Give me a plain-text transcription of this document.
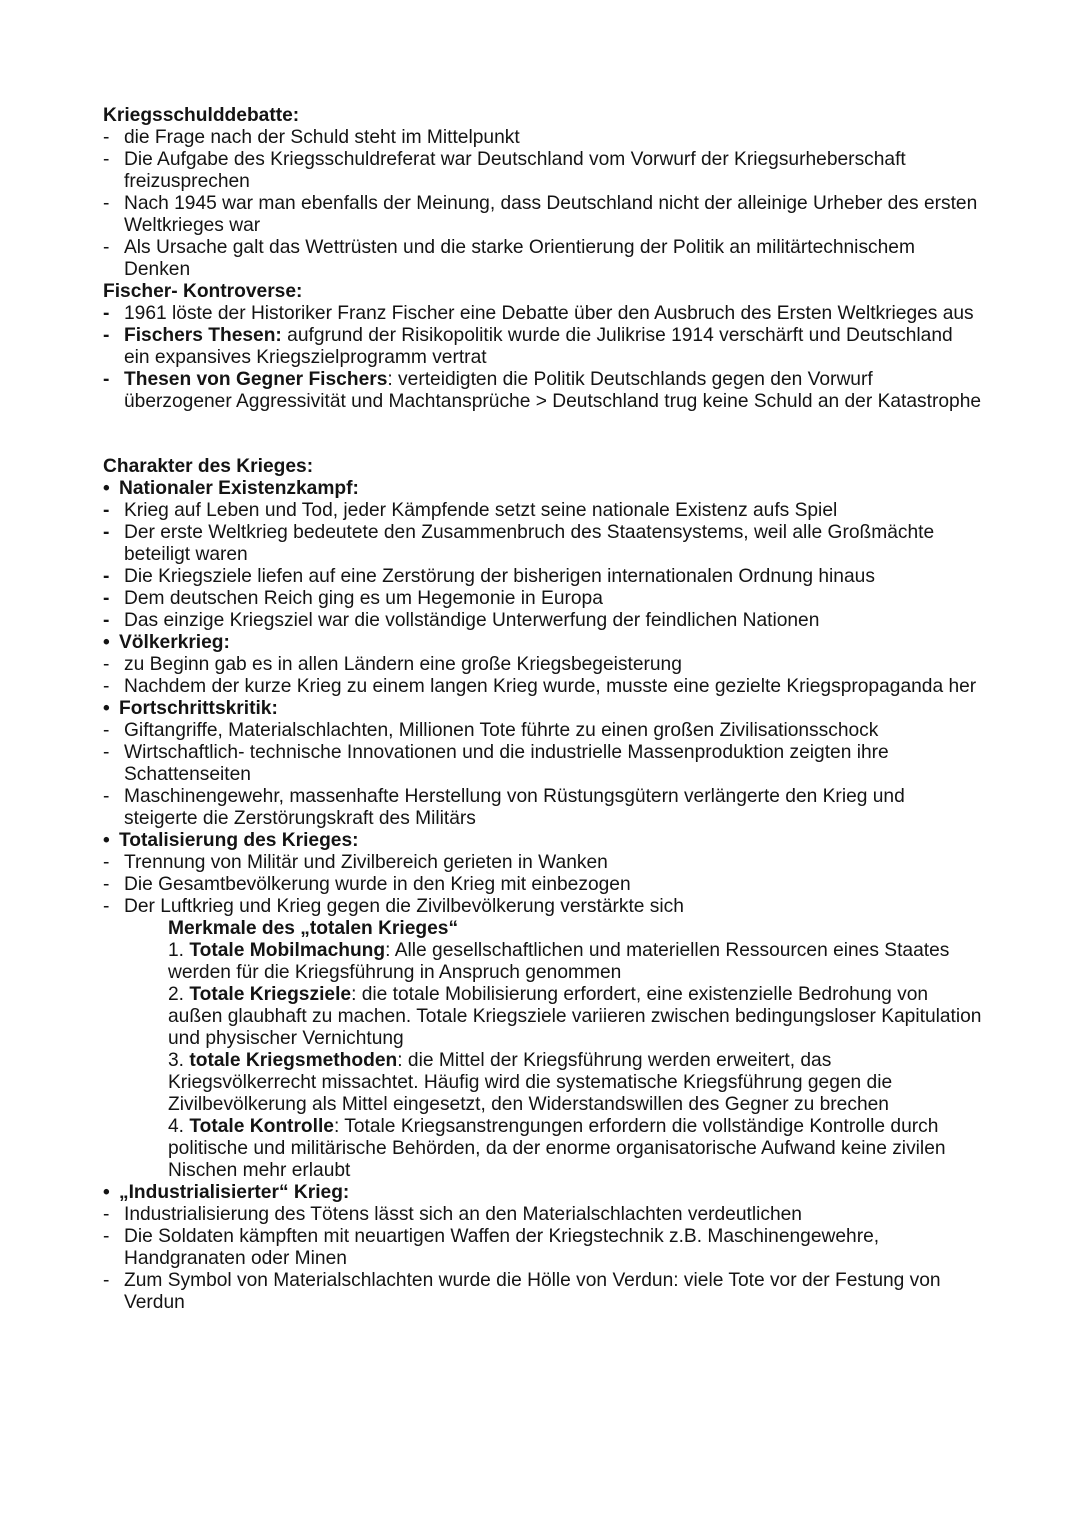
Kriegsschulddebatte:
-
die Frage nach der Schuld steht im Mittelpunkt
-
Die Aufgabe des Kriegsschuldreferat war Deutschland vom Vorwurf der Kriegsurheberschaft freizusprechen
-
Nach 1945 war man ebenfalls der Meinung, dass Deutschland nicht der alleinige Urheber des ersten Weltkrieges war
-
Als Ursache galt das Wettrüsten und die starke Orientierung der Politik an militärtechnischem Denken
Fischer- Kontroverse:
-
1961 löste der Historiker Franz Fischer eine Debatte über den Ausbruch des Ersten Weltkrieges aus
-
Fischers Thesen: aufgrund der Risikopolitik wurde die Julikrise 1914 verschärft und Deutschland ein expansives Kriegszielprogramm vertrat
-
Thesen von Gegner Fischers: verteidigten die Politik Deutschlands gegen den Vorwurf überzogener Aggressivität und Machtansprüche > Deutschland trug keine Schuld an der Katastrophe
Charakter des Krieges:
•
Nationaler Existenzkampf:
-
Krieg auf Leben und Tod, jeder Kämpfende setzt seine nationale Existenz aufs Spiel
-
Der erste Weltkrieg bedeutete den Zusammenbruch des Staatensystems, weil alle Großmächte beteiligt waren
-
Die Kriegsziele liefen auf eine Zerstörung der bisherigen internationalen Ordnung hinaus
-
Dem deutschen Reich ging es um Hegemonie in Europa
-
Das einzige Kriegsziel war die vollständige Unterwerfung der feindlichen Nationen
•
Völkerkrieg:
-
zu Beginn gab es in allen Ländern eine große Kriegsbegeisterung
-
Nachdem der kurze Krieg zu einem langen Krieg wurde, musste eine gezielte Kriegspropaganda her
•
Fortschrittskritik:
-
Giftangriffe, Materialschlachten, Millionen Tote führte zu einen großen Zivilisationsschock
-
Wirtschaftlich- technische Innovationen und die industrielle Massenproduktion zeigten ihre Schattenseiten
-
Maschinengewehr, massenhafte Herstellung von Rüstungsgütern verlängerte den Krieg und steigerte die Zerstörungskraft des Militärs
•
Totalisierung des Krieges:
-
Trennung von Militär und Zivilbereich gerieten in Wanken
-
Die Gesamtbevölkerung wurde in den Krieg mit einbezogen
-
Der Luftkrieg und Krieg gegen die Zivilbevölkerung verstärkte sich
Merkmale des „totalen Krieges“
1. Totale Mobilmachung: Alle gesellschaftlichen und materiellen Ressourcen eines Staates werden für die Kriegsführung in Anspruch genommen
2. Totale Kriegsziele: die totale Mobilisierung erfordert, eine existenzielle Bedrohung von außen glaubhaft zu machen. Totale Kriegsziele variieren zwischen bedingungsloser Kapitulation und physischer Vernichtung
3. totale Kriegsmethoden: die Mittel der Kriegsführung werden erweitert, das Kriegsvölkerrecht missachtet. Häufig wird die systematische Kriegsführung gegen die Zivilbevölkerung als Mittel eingesetzt, den Widerstandswillen des Gegner zu brechen
4. Totale Kontrolle: Totale Kriegsanstrengungen erfordern die vollständige Kontrolle durch politische und militärische Behörden, da der enorme organisatorische Aufwand keine zivilen Nischen mehr erlaubt
•
„Industrialisierter“ Krieg:
-
Industrialisierung des Tötens lässt sich an den Materialschlachten verdeutlichen
-
Die Soldaten kämpften mit neuartigen Waffen der Kriegstechnik z.B. Maschinengewehre, Handgranaten oder Minen
-
Zum Symbol von Materialschlachten wurde die Hölle von Verdun: viele Tote vor der Festung von Verdun
